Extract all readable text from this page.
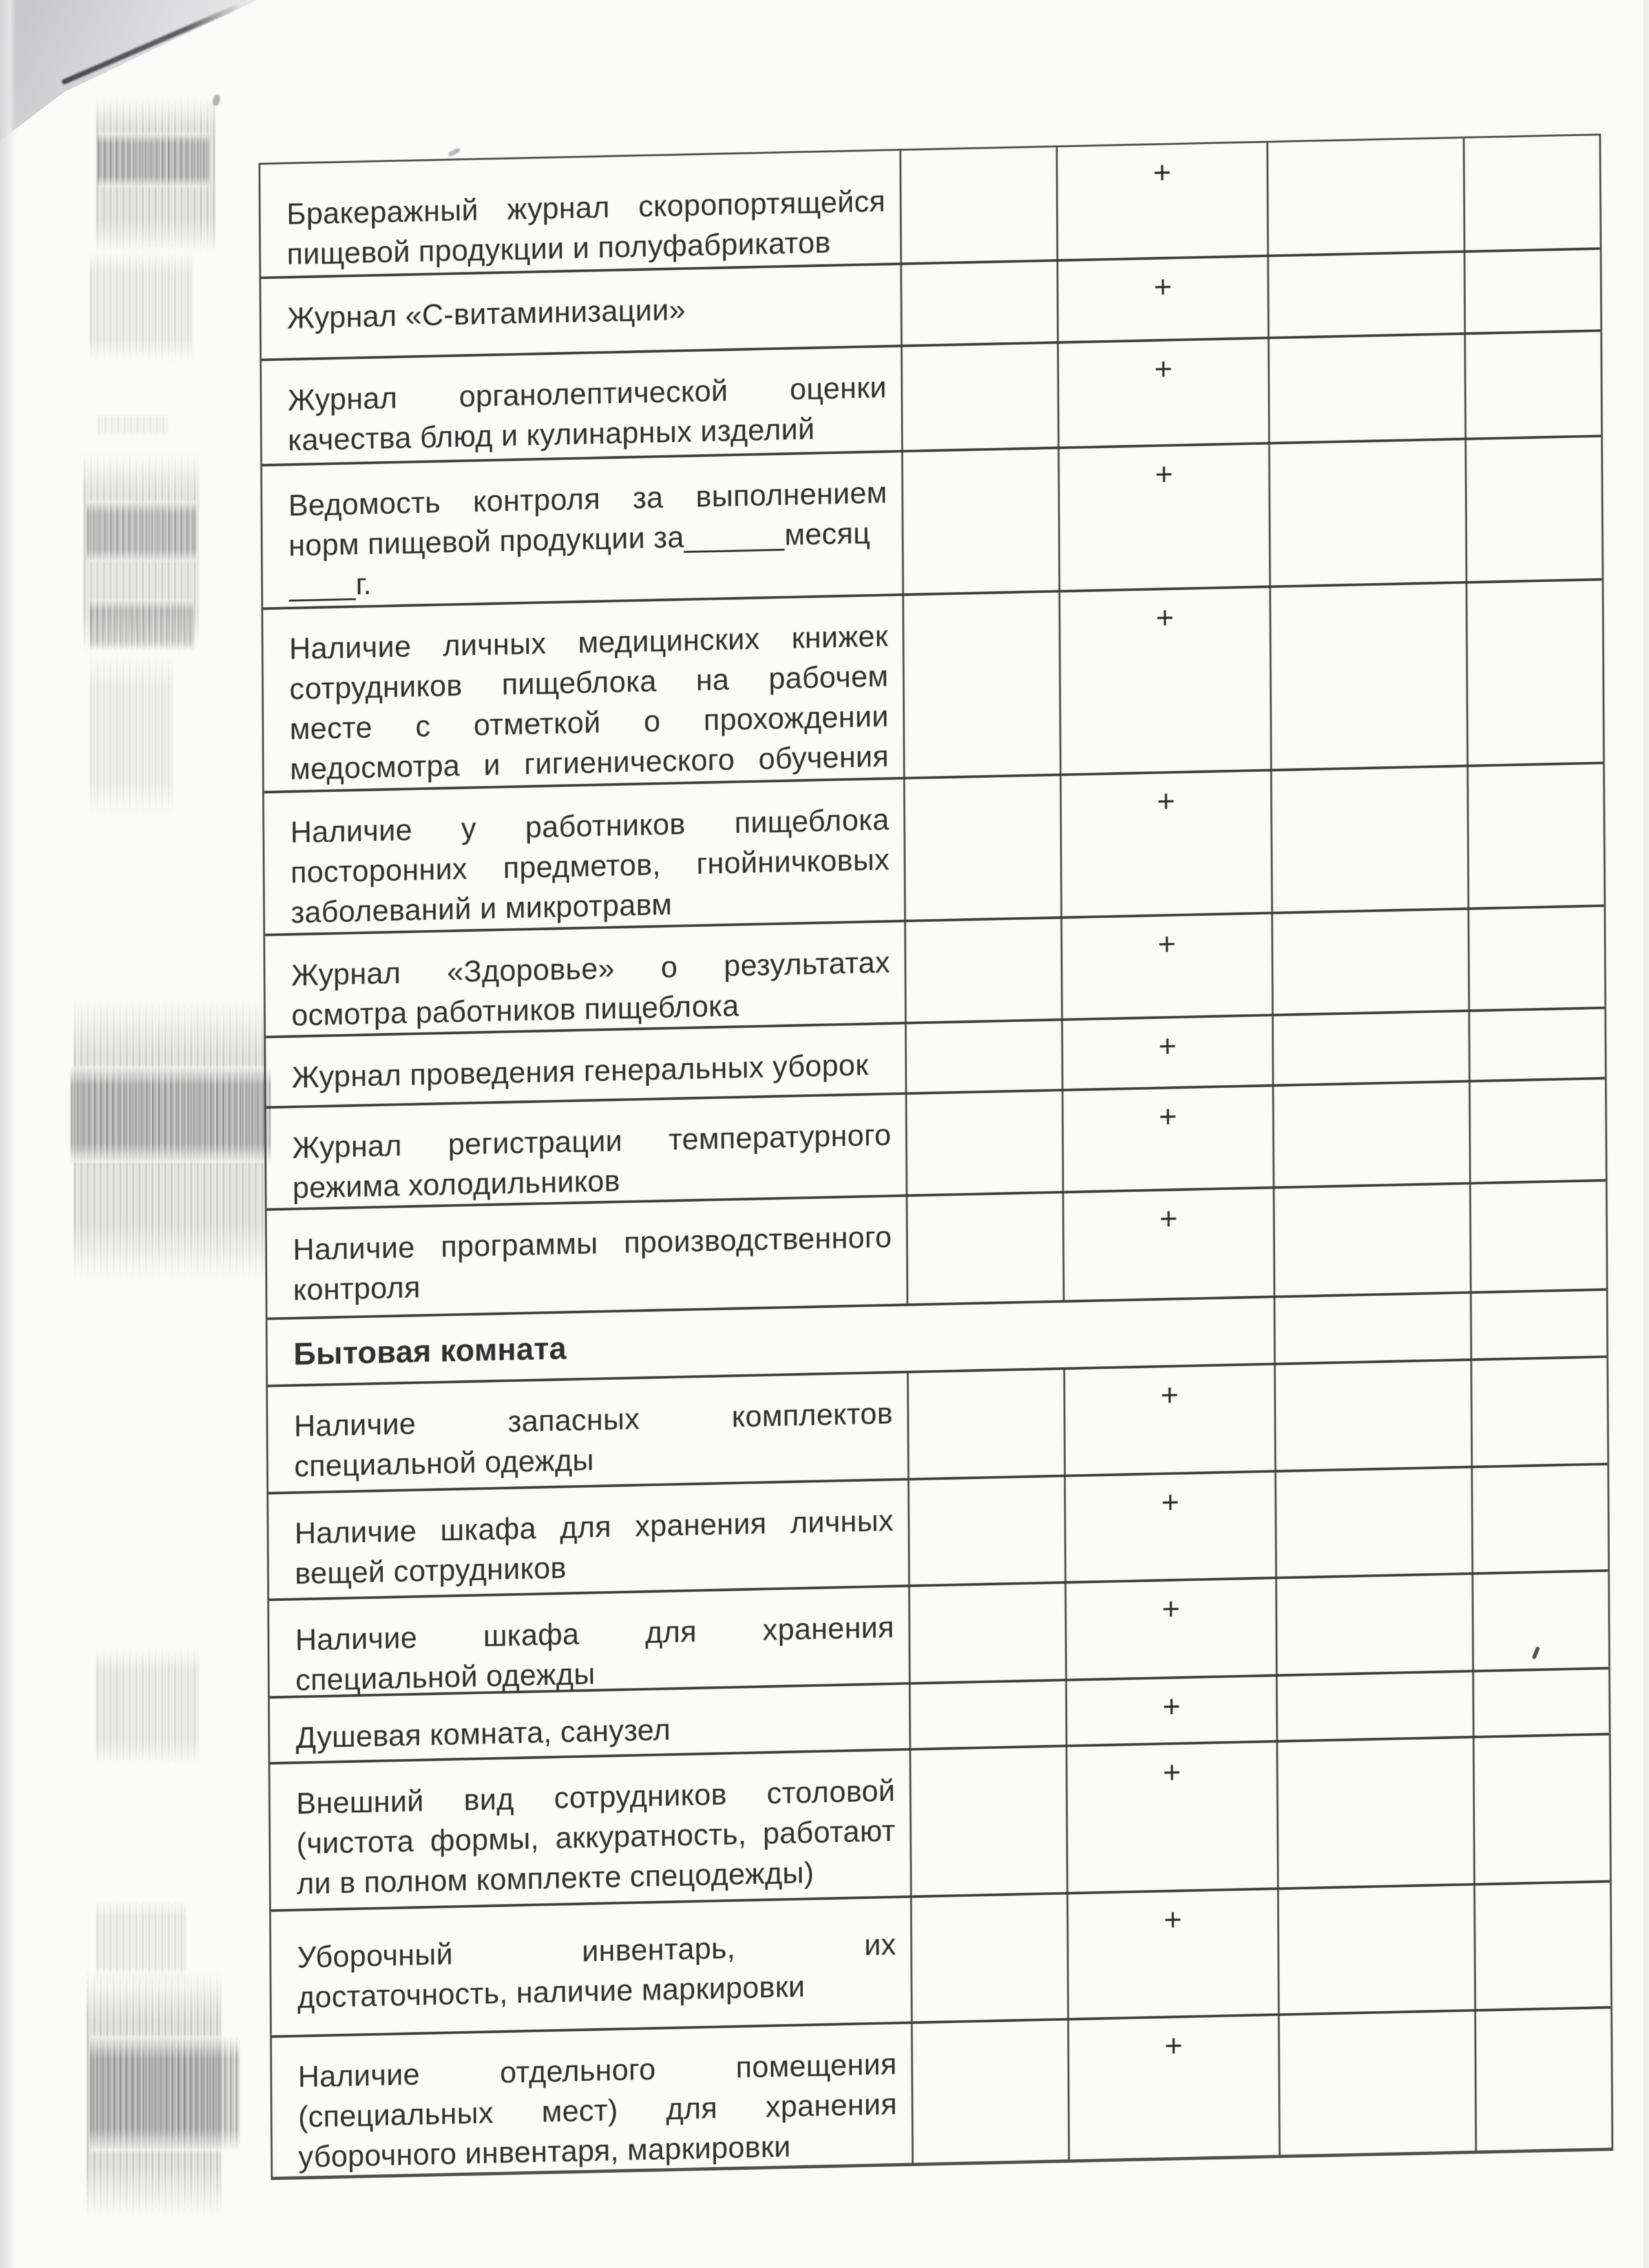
Бракеражный журнал скоропортящейся
пищевой продукции и полуфабрикатов
+
Журнал «С-витаминизации»
+
Журнал органолептической оценки
качества блюд и кулинарных изделий
+
Ведомость контроля за выполнением
норм пищевой продукции за______месяц
____г.
+
Наличие личных медицинских книжек
сотрудников пищеблока на рабочем
месте с отметкой о прохождении
медосмотра и гигиенического обучения
+
Наличие у работников пищеблока
посторонних предметов, гнойничковых
заболеваний и микротравм
+
Журнал «Здоровье» о результатах
осмотра работников пищеблока
+
Журнал проведения генеральных уборок
+
Журнал регистрации температурного
режима холодильников
+
Наличие программы производственного
контроля
+
Бытовая комната
Наличие запасных комплектов
специальной одежды
+
Наличие шкафа для хранения личных
вещей сотрудников
+
Наличие шкафа для хранения
специальной одежды
+
Душевая комната, санузел
+
Внешний вид сотрудников столовой
(чистота формы, аккуратность, работают
ли в полном комплекте спецодежды)
+
Уборочный инвентарь, их
достаточность, наличие маркировки
+
Наличие отдельного помещения
(специальных мест) для хранения
уборочного инвентаря, маркировки
+
